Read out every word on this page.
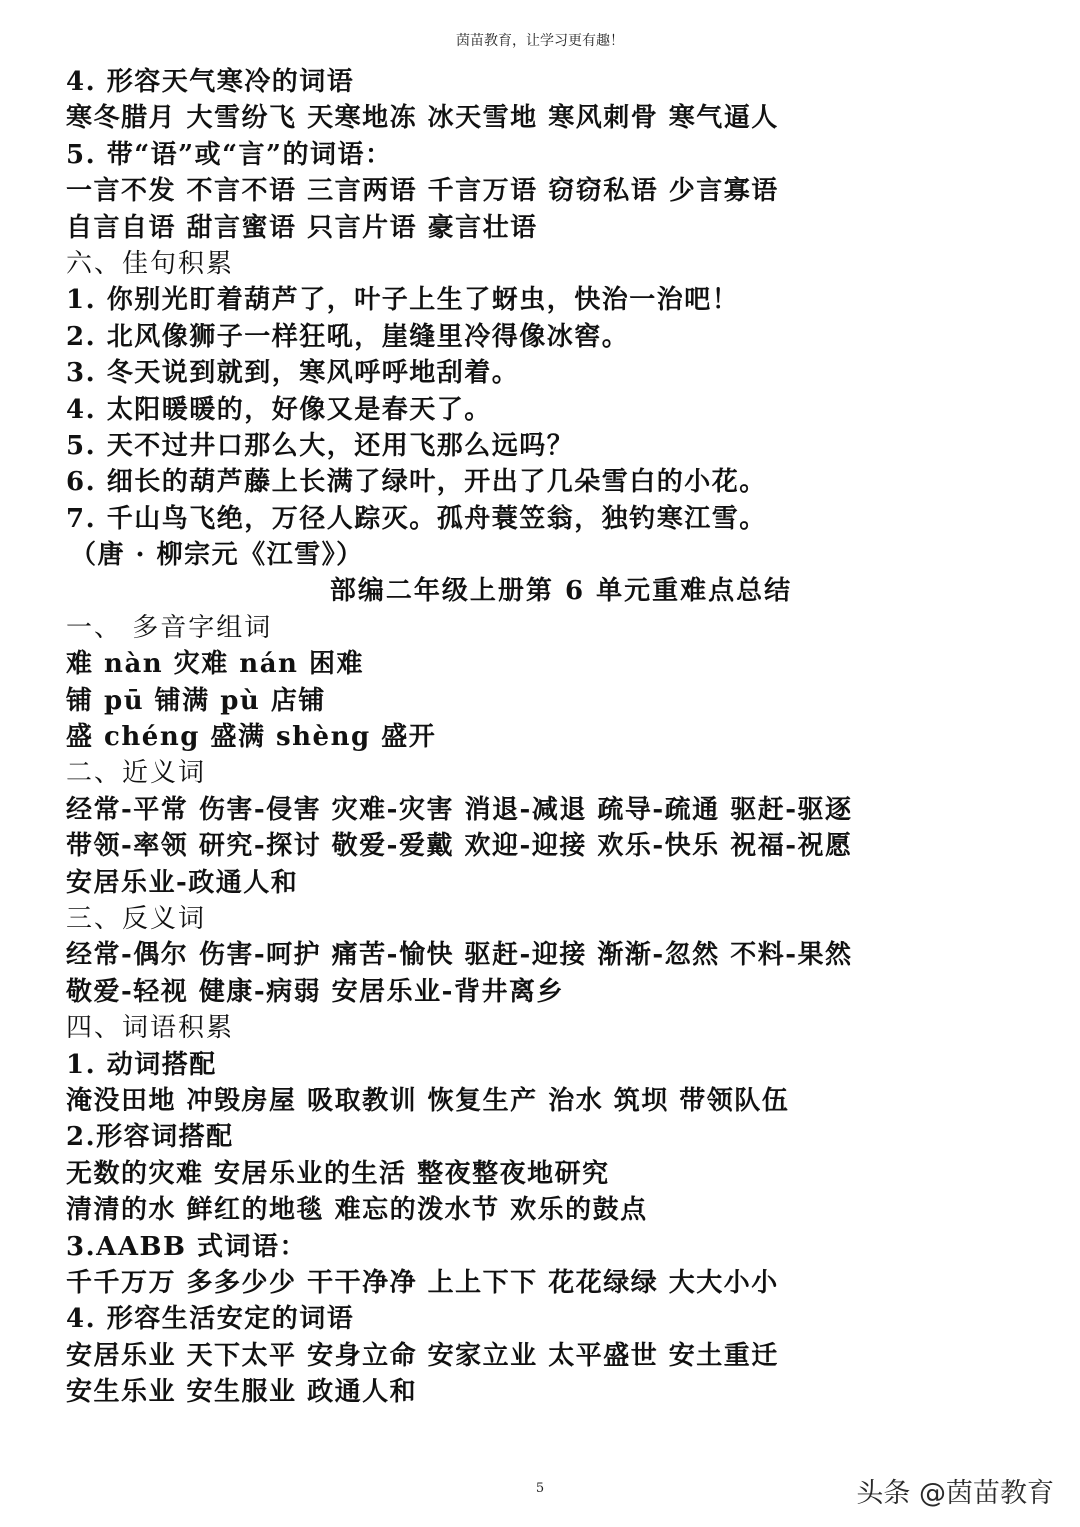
茵苗教育，让学习更有趣！
4. 形容天气寒冷的词语
寒冬腊月 大雪纷飞 天寒地冻 冰天雪地 寒风刺骨 寒气逼人
5. 带“语”或“言”的词语：
一言不发 不言不语 三言两语 千言万语 窃窃私语 少言寡语
自言自语 甜言蜜语 只言片语 豪言壮语
六、佳句积累
1. 你别光盯着葫芦了，叶子上生了蚜虫，快治一治吧！
2. 北风像狮子一样狂吼，崖缝里冷得像冰窖。
3. 冬天说到就到，寒风呼呼地刮着。
4. 太阳暖暖的，好像又是春天了。
5. 天不过井口那么大，还用飞那么远吗？
6. 细长的葫芦藤上长满了绿叶，开出了几朵雪白的小花。
7. 千山鸟飞绝，万径人踪灭。孤舟蓑笠翁，独钓寒江雪。
（唐 · 柳宗元《江雪》）
部编二年级上册第 6 单元重难点总结
一、 多音字组词
难 nàn 灾难 nán 困难
铺 pū 铺满 pù 店铺
盛 chéng 盛满 shèng 盛开
二、近义词
经常-平常 伤害-侵害 灾难-灾害 消退-减退 疏导-疏通 驱赶-驱逐
带领-率领 研究-探讨 敬爱-爱戴 欢迎-迎接 欢乐-快乐 祝福-祝愿
安居乐业-政通人和
三、反义词
经常-偶尔 伤害-呵护 痛苦-愉快 驱赶-迎接 渐渐-忽然 不料-果然
敬爱-轻视 健康-病弱 安居乐业-背井离乡
四、词语积累
1. 动词搭配
淹没田地 冲毁房屋 吸取教训 恢复生产 治水 筑坝 带领队伍
2.形容词搭配
无数的灾难 安居乐业的生活 整夜整夜地研究
清清的水 鲜红的地毯 难忘的泼水节 欢乐的鼓点
3.AABB 式词语：
千千万万 多多少少 干干净净 上上下下 花花绿绿 大大小小
4. 形容生活安定的词语
安居乐业 天下太平 安身立命 安家立业 太平盛世 安土重迁
安生乐业 安生服业 政通人和
5	头条 @茵苗教育
